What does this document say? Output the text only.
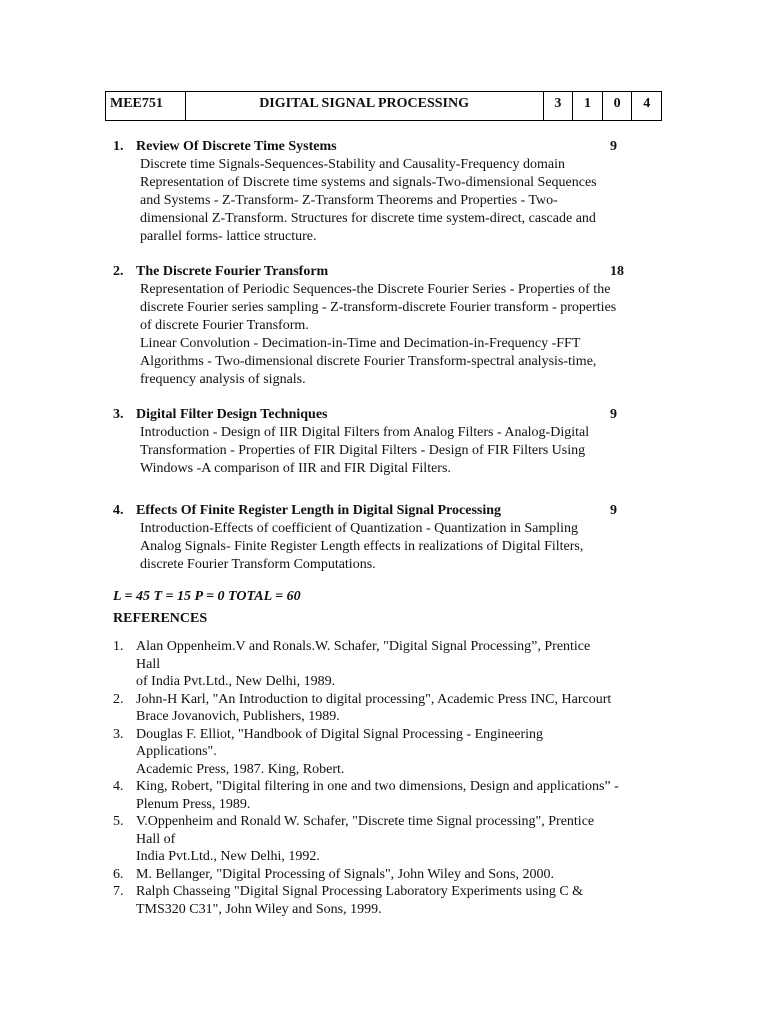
MEE751	DIGITAL SIGNAL PROCESSING	3	1	0	4
1. Review Of Discrete Time Systems	9
Discrete time Signals-Sequences-Stability and Causality-Frequency domain
Representation of Discrete time systems and signals-Two-dimensional Sequences
and Systems - Z-Transform- Z-Transform Theorems and Properties - Two-
dimensional Z-Transform. Structures for discrete time system-direct, cascade and
parallel forms- lattice structure.
2. The Discrete Fourier Transform	18
Representation of Periodic Sequences-the Discrete Fourier Series - Properties of the
discrete Fourier series sampling - Z-transform-discrete Fourier transform - properties
of discrete Fourier Transform.
Linear Convolution - Decimation-in-Time and Decimation-in-Frequency -FFT
Algorithms - Two-dimensional discrete Fourier Transform-spectral analysis-time,
frequency analysis of signals.
3. Digital Filter Design Techniques	9
Introduction - Design of IIR Digital Filters from Analog Filters - Analog-Digital
Transformation - Properties of FIR Digital Filters - Design of FIR Filters Using
Windows -A comparison of IIR and FIR Digital Filters.
4. Effects Of Finite Register Length in Digital Signal Processing	9
Introduction-Effects of coefficient of Quantization - Quantization in Sampling
Analog Signals- Finite Register Length effects in realizations of Digital Filters,
discrete Fourier Transform Computations.
L = 45 T = 15 P = 0 TOTAL = 60
REFERENCES
1. Alan Oppenheim.V and Ronals.W. Schafer, "Digital Signal Processing”, Prentice
Hall
of India Pvt.Ltd., New Delhi, 1989.
2. John-H Karl, "An Introduction to digital processing", Academic Press INC, Harcourt
Brace Jovanovich, Publishers, 1989.
3. Douglas F. Elliot, "Handbook of Digital Signal Processing - Engineering
Applications".
Academic Press, 1987. King, Robert.
4. King, Robert, "Digital filtering in one and two dimensions, Design and applications” -
Plenum Press, 1989.
5. V.Oppenheim and Ronald W. Schafer, "Discrete time Signal processing", Prentice
Hall of
India Pvt.Ltd., New Delhi, 1992.
6. M. Bellanger, "Digital Processing of Signals", John Wiley and Sons, 2000.
7. Ralph Chasseing "Digital Signal Processing Laboratory Experiments using C &
TMS320 C31", John Wiley and Sons, 1999.
